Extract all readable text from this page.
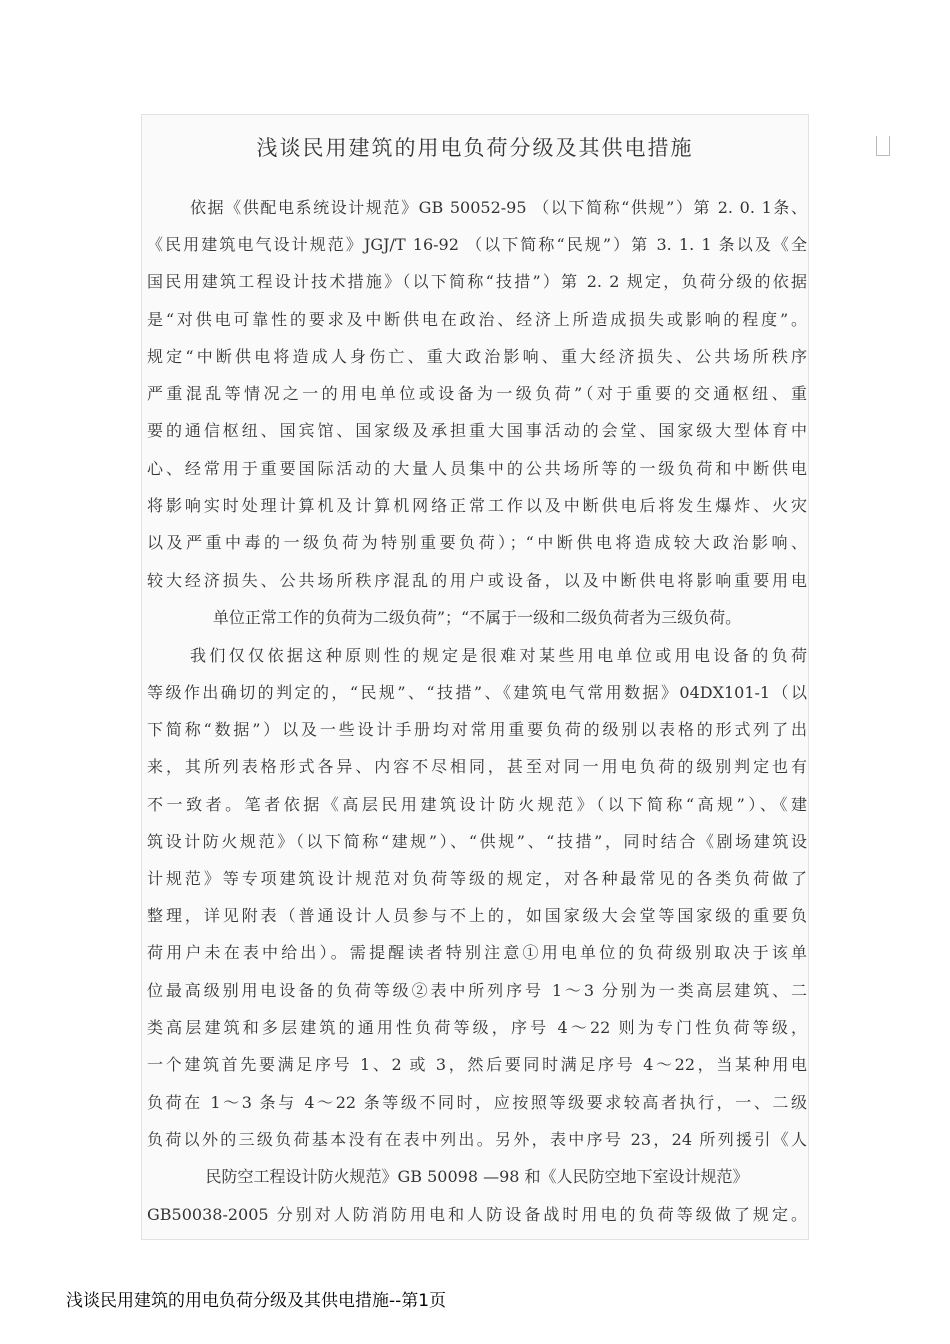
浅谈民用建筑的用电负荷分级及其供电措施
依据《供配电系统设计规范》GB 50052-95 （以下简称“供规”）第 2. 0. 1条、
《民用建筑电气设计规范》JGJ/T 16-92 （以下简称“民规”）第 3. 1. 1 条以及《全
国民用建筑工程设计技术措施》（以下简称“技措”）第 2. 2 规定，负荷分级的依据
是“对供电可靠性的要求及中断供电在政治、经济上所造成损失或影响的程度”。
规定“中断供电将造成人身伤亡、重大政治影响、重大经济损失、公共场所秩序
严重混乱等情况之一的用电单位或设备为一级负荷”（对于重要的交通枢纽、重
要的通信枢纽、国宾馆、国家级及承担重大国事活动的会堂、国家级大型体育中
心、经常用于重要国际活动的大量人员集中的公共场所等的一级负荷和中断供电
将影响实时处理计算机及计算机网络正常工作以及中断供电后将发生爆炸、火灾
以及严重中毒的一级负荷为特别重要负荷）；“中断供电将造成较大政治影响、
较大经济损失、公共场所秩序混乱的用户或设备，以及中断供电将影响重要用电
单位正常工作的负荷为二级负荷”；“不属于一级和二级负荷者为三级负荷。
我们仅仅依据这种原则性的规定是很难对某些用电单位或用电设备的负荷
等级作出确切的判定的，“民规”、“技措”、《建筑电气常用数据》04DX101-1（以
下简称“数据”）以及一些设计手册均对常用重要负荷的级别以表格的形式列了出
来，其所列表格形式各异、内容不尽相同，甚至对同一用电负荷的级别判定也有
不一致者。笔者依据《高层民用建筑设计防火规范》（以下简称“高规”）、《建
筑设计防火规范》（以下简称“建规”）、“供规”、“技措”，同时结合《剧场建筑设
计规范》等专项建筑设计规范对负荷等级的规定，对各种最常见的各类负荷做了
整理，详见附表（普通设计人员参与不上的，如国家级大会堂等国家级的重要负
荷用户未在表中给出）。需提醒读者特别注意①用电单位的负荷级别取决于该单
位最高级别用电设备的负荷等级②表中所列序号 1～3 分别为一类高层建筑、二
类高层建筑和多层建筑的通用性负荷等级，序号 4～22 则为专门性负荷等级，
一个建筑首先要满足序号 1、2 或 3，然后要同时满足序号 4～22，当某种用电
负荷在 1～3 条与 4～22 条等级不同时，应按照等级要求较高者执行，一、二级
负荷以外的三级负荷基本没有在表中列出。另外，表中序号 23，24 所列援引《人
民防空工程设计防火规范》GB 50098 —98 和《人民防空地下室设计规范》
GB50038-2005 分别对人防消防用电和人防设备战时用电的负荷等级做了规定。
浅谈民用建筑的用电负荷分级及其供电措施--第1页
